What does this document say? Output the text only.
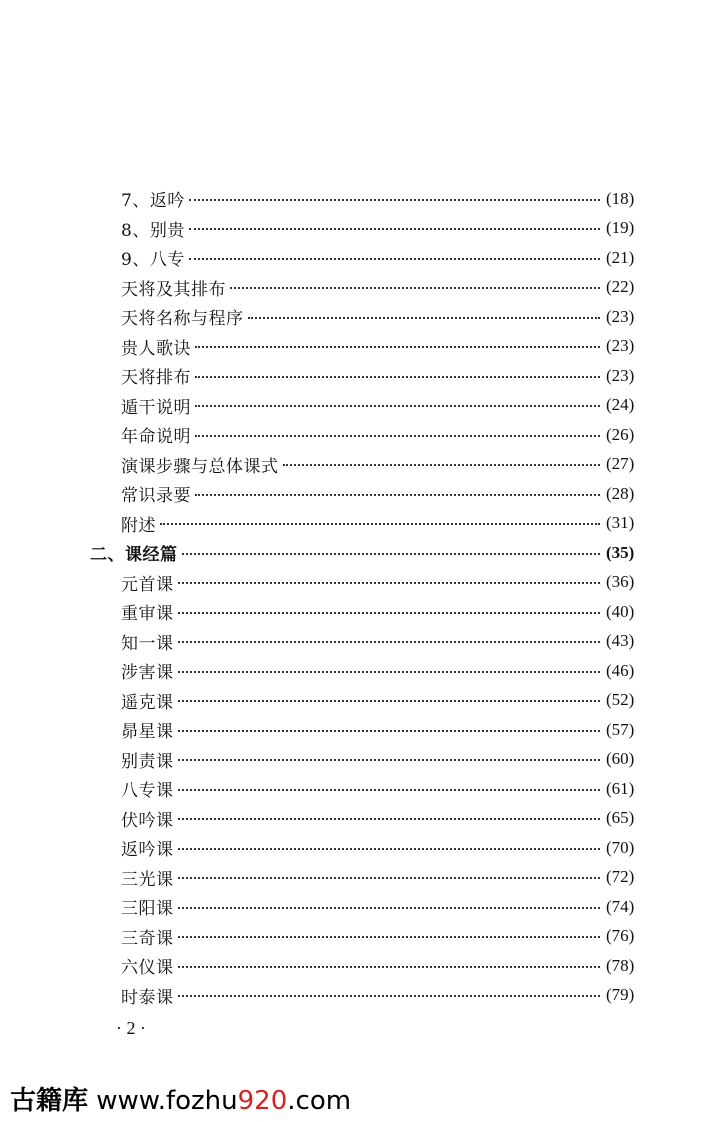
7、返吟	(18)
8、别贵	(19)
9、八专	(21)
天将及其排布	(22)
天将名称与程序	(23)
贵人歌诀	(23)
天将排布	(23)
遁干说明	(24)
年命说明	(26)
演课步骤与总体课式	(27)
常识录要	(28)
附述	(31)
二、课经篇	(35)
元首课	(36)
重审课	(40)
知一课	(43)
涉害课	(46)
遥克课	(52)
昴星课	(57)
别责课	(60)
八专课	(61)
伏吟课	(65)
返吟课	(70)
三光课	(72)
三阳课	(74)
三奇课	(76)
六仪课	(78)
时泰课	(79)
· 2 ·
古籍库 www.fozhu920.com
